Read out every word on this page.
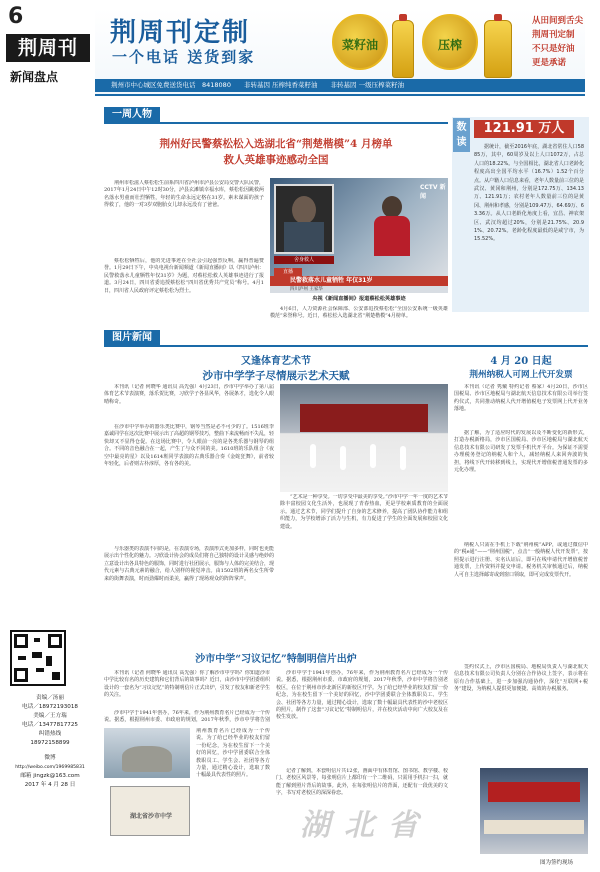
6
荆周刊
新闻盘点
荆周刊定制
一个电话 送货到家
菜籽油	压榨
从田间到舌尖
荆周刊定制
不只是好油
更是承诺
荆州市中心城区免费送货电话　8418080　　非转基因 压榨纯香菜籽油　　非转基因 一级压榨菜籽油
一周人物
荆州好民警蔡松松入选湖北省“荆楚楷模”4 月榜单
救人英雄事迹感动全国
荆州市松滋人蔡松松生前系四川省泸州市泸县公安局交警大队民警，2017年1月24日中午12时30分，泸县玄滩镇幸福水库，蔡松松因跳救两名落水男童而壮烈牺牲，年轻的生命永远定格在31岁。素未谋面的孩子得救了，他的一对3岁双胞胎女儿却永远没有了爸爸。
蔡松松牺牲后，他的先进事迹在全社会引起强烈反响，赢得普遍赞誉。1月29日下午，中央电视台新闻频道《新闻直播间》以《四川泸州：民警救落水儿童牺牲年仅31岁》为题，对蔡松松救人英雄事迹进行了报道。3月24日，四川省委追授蔡松松“四川省优秀共产党员”称号。4月1日，四川省人民政府评定蔡松松为烈士。
舍身救人
CCTV 新闻
直播
民警救落水儿童牺牲 年仅31岁
四川泸州 王家华
央视《新闻直播间》报道蔡松松英雄事迹
4月6日，人力资源社会保障部、公安部追授蔡松松“全国公安系统一级英雄模范”荣誉称号。近日，蔡松松入选湖北省“荆楚楷模”4月榜单。
数读
121.91 万人
据统计，截至2016年底，湖北省常住人口5885万，其中，60周岁及以上人口1072万，占总人口的18.22%。与全国相比，湖北省人口老龄化程度高出全国平均水平（16.7%）1.52个百分点。从户籍人口信息来看，老年人数量前三位的是武汉、黄冈和荆州，分别是172.75万、134.13万、121.91万；农村老年人数量前三位的是黄冈、荆州和孝感，分别是109.47万、64.69万、63.36万。从人口老龄化角度上看，宜昌、神农架区、武汉均超过20%，分别是21.75%、20.91%、20.72%。老龄化程度最低的是咸宁市，为15.52%。
图片新闻
又逢体育艺术节
沙市中学学子尽情展示艺术天赋
本刊讯（记者 何晓华 通讯员 高先强）4月23日，沙市中学举办了第八届体育艺术节表演赛，落乐贺比赛，习欣学子各显风华，各展条才，选化令人眼晴称奇。
在沙市中学举办的器乐类比赛中，钢琴当然是必不可少的了。1516班李嘉诚同学在这次比赛中展示出了高超的钢琴技巧，整曲下来流畅而不失乱，轻快却又不显得仓促。在这场比赛中，令人眼前一亮的是各类乐器与钢琴的组合。不同的音色融合在一起，产生了与众不同的美。1610班的乐队组合《夜空中最亮的星》以及1614班同学表演的古典乐器合奏《金蛇狂舞》，前者较年轻化，后者则古朴淳厚，各有各的美。
与乐器类的表演不同的是，在表演专场，表演形式更加多样，同时也更能展示出个性化的魅力。习欣设计协会的成员们将自己独特的设计灵感与绝妙的立意设计出各具特色的服饰，同时进行社团展示，服饰与人体的完美结合，现代元素与古典元素的融合，给人别样的视觉冲击。由1502班的两名女生所带来的街舞表演，时而劲爆时而柔美，赢得了现场观众的阵阵掌声。
“艺术是一种享受。一切享受中最美的享受。”沙市中学一年一度的艺术节除丰富校园文化生活外，也展现了青春热血，更是学校素质教育的全面展示。通过艺术节，同学们提升了自身的艺术修养，提高了团队协作能力和组织能力，为学校增添了活力与生机，有力促进了学生的全面发展和校园文化建设。
沙市中学“习议记忆”特制明信片出炉
本刊讯（记者 何晓华 通讯员 高先强）你了解沙市中学吗？你知道沙市中学比较有名的历史建筑和它们背后的故事吗？近日，由沙市中学团委组织设计的一套名为“习议记忆”的特制明信片正式出炉，引发了校友和新老学生的关注。
沙市中学于1941年创办，76年来，作为荆州教育名片已经成为一个传说。据悉，根据荆州市委、市政府的规划，2017年秋季，沙市中学将告别
湖北省沙市中学
荆州教育名片已经成为一个传说。为了给已经毕业的校友们留一份纪念，为在校生留下一个美好的回忆，沙中学团委联合全体教职员工、学生会、社团等各方力量，通过精心设计，选取了数十幅最具代表性的照片。
沙市中学于1941年创办，76年来，作为荆州教育名片已经成为一个传说。据悉，根据荆州市委、市政府的规划，2017年秋季，沙市中学将告别老校区，在位于荆州市沙北新区的新校区开学。为了给已经毕业的校友们留一份纪念，为在校生留下一个美好的回忆，沙中学团委联合全体教职员工、学生会、社团等各方力量，通过精心设计，选取了数十幅最具代表性的沙中老校区的照片，制作了这套“习议记忆”特制明信片，并在校庆活动中向广大校友及在校生发放。
记者了解到，本套明信片共12张，画面中有体育馆、图书馆、教学楼、校门、老校区风景等，每张明信片上都印有一个二维码，只需用手机扫一扫，就能了解到照片背后的故事。此外，在每张明信片的背面，还配有一段优美的文字，书写对老校区的深深眷恋。
4 月 20 日起
荆州纳税人可网上代开发票
本刊讯（记者 隽戴 特约记者 蔡家）4月20日，沙市区国税局、沙市区地税局与湖北航天信息技术有限公司举行签约仪式，共同推动纳税人代开增值税电子发票网上代开业务落地。
据了解，为了适应时代的发展以及不断变化的新形式，打造办税新格局，沙市区国税局、沙市区地税局与湖北航天信息技术有限公司研发了发票手机代开平台。为保证不需要办理税务登记的纳税人和个人，减轻纳税人来回奔波的负担，将线下代开转移到线上，实现代开增值税普通发票的多元化办理。
纳税人只需在手机上下载“荆州税”APP，或通过微信中的“税e通”——“荆州国税”，点击“一般纳税人代开发票”，按照提示进行注册、实名认证后，即可在线申请代开增值税普通发票，上传资料并提交申请。税务机关审核通过后，纳税人可自主选择邮寄或到窗口领取，即可完成发票代开。
签约仪式上，沙市区国税局、地税局负责人与湖北航天信息技术有限公司负责人分别在合作协议上签字，表示将在原有合作基础上，进一步加强沟通协作，深化“互联网+税务”建设，为纳税人提供更加便捷、高效的办税服务。
图为签约现场
湖北省
责编／汤丽
电话／18972193018
美编／王方瑞
电话／13477817725
纠错热线
18972158899
微博
http://weibo.com/1969985831
邮箱 jingzk@163.com
2017 年 4 月 28 日
